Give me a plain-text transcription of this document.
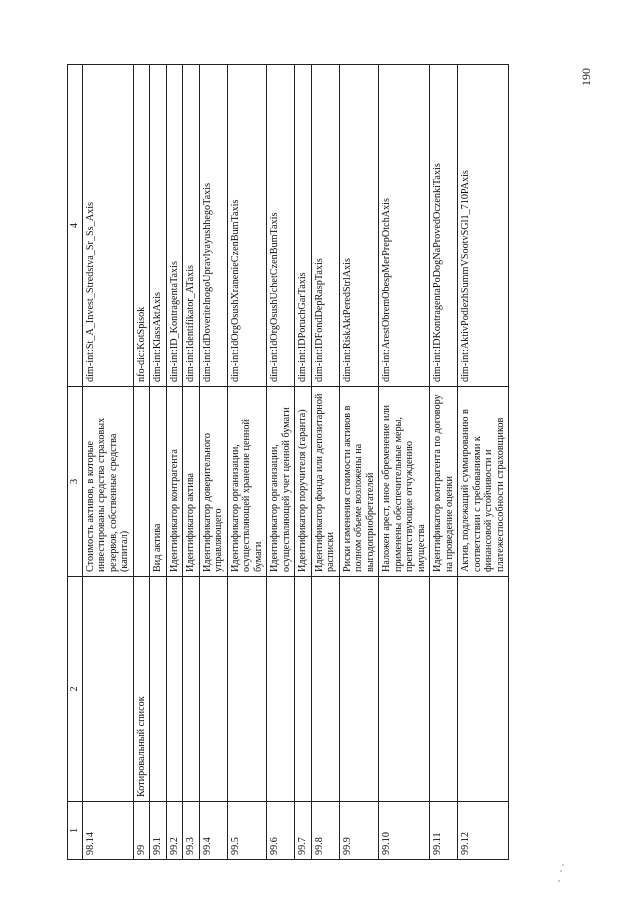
1	2	3	4
98.14		Стоимость активов, в которые инвестированы средства страховых резервов, собственные средства (капитал)	dim-int:St_A_Invest_Stredstva_Sr_Ss_Axis
99	Котировальный список		nfo-dic:KotSpisok
99.1		Вид актива	dim-int:KlassAktAxis
99.2		Идентификатор контрагента	dim-int:ID_KontragentaTaxis
99.3		Идентификатор актива	dim-int:Identifikator_ATaxis
99.4		Идентификатор доверительного управляющего	dim-int:IdDoveritelnogoUpravlyayushhegoTaxis
99.5		Идентификатор организации, осуществляющей хранение ценной бумаги	dim-int:IdOrgOsushXranenieCzenBumTaxis
99.6		Идентификатор организации, осуществляющей учет ценной бумаги	dim-int:IdOrgOsushUchetCzenBumTaxis
99.7		Идентификатор поручителя (гаранта)	dim-int:IDPoruchGarTaxis
99.8		Идентификатор фонда или депозитарной расписки	dim-int:IDFondDepRaspTaxis
99.9		Риски изменения стоимости активов в полном объеме возложены на выгодоприобретателей	dim-int:RiskAktPeredStrlAxis
99.10		Наложен арест, иное обременение или применены обеспечительные меры, препятствующие отчуждению имущества	dim-int:ArestObremObespMerPrepOtchAxis
99.11		Идентификатор контрагента по договору на проведение оценки	dim-int:IDKontragentaPoDogNaProvedOczenkiTaxis
99.12		Актив, подлежащий суммированию в соответствии с требованиями к финансовой устойчивости и платежеспособности страховщиков	dim-int:AktivPodlezhSummVSootvSGl1_710PAxis
190
